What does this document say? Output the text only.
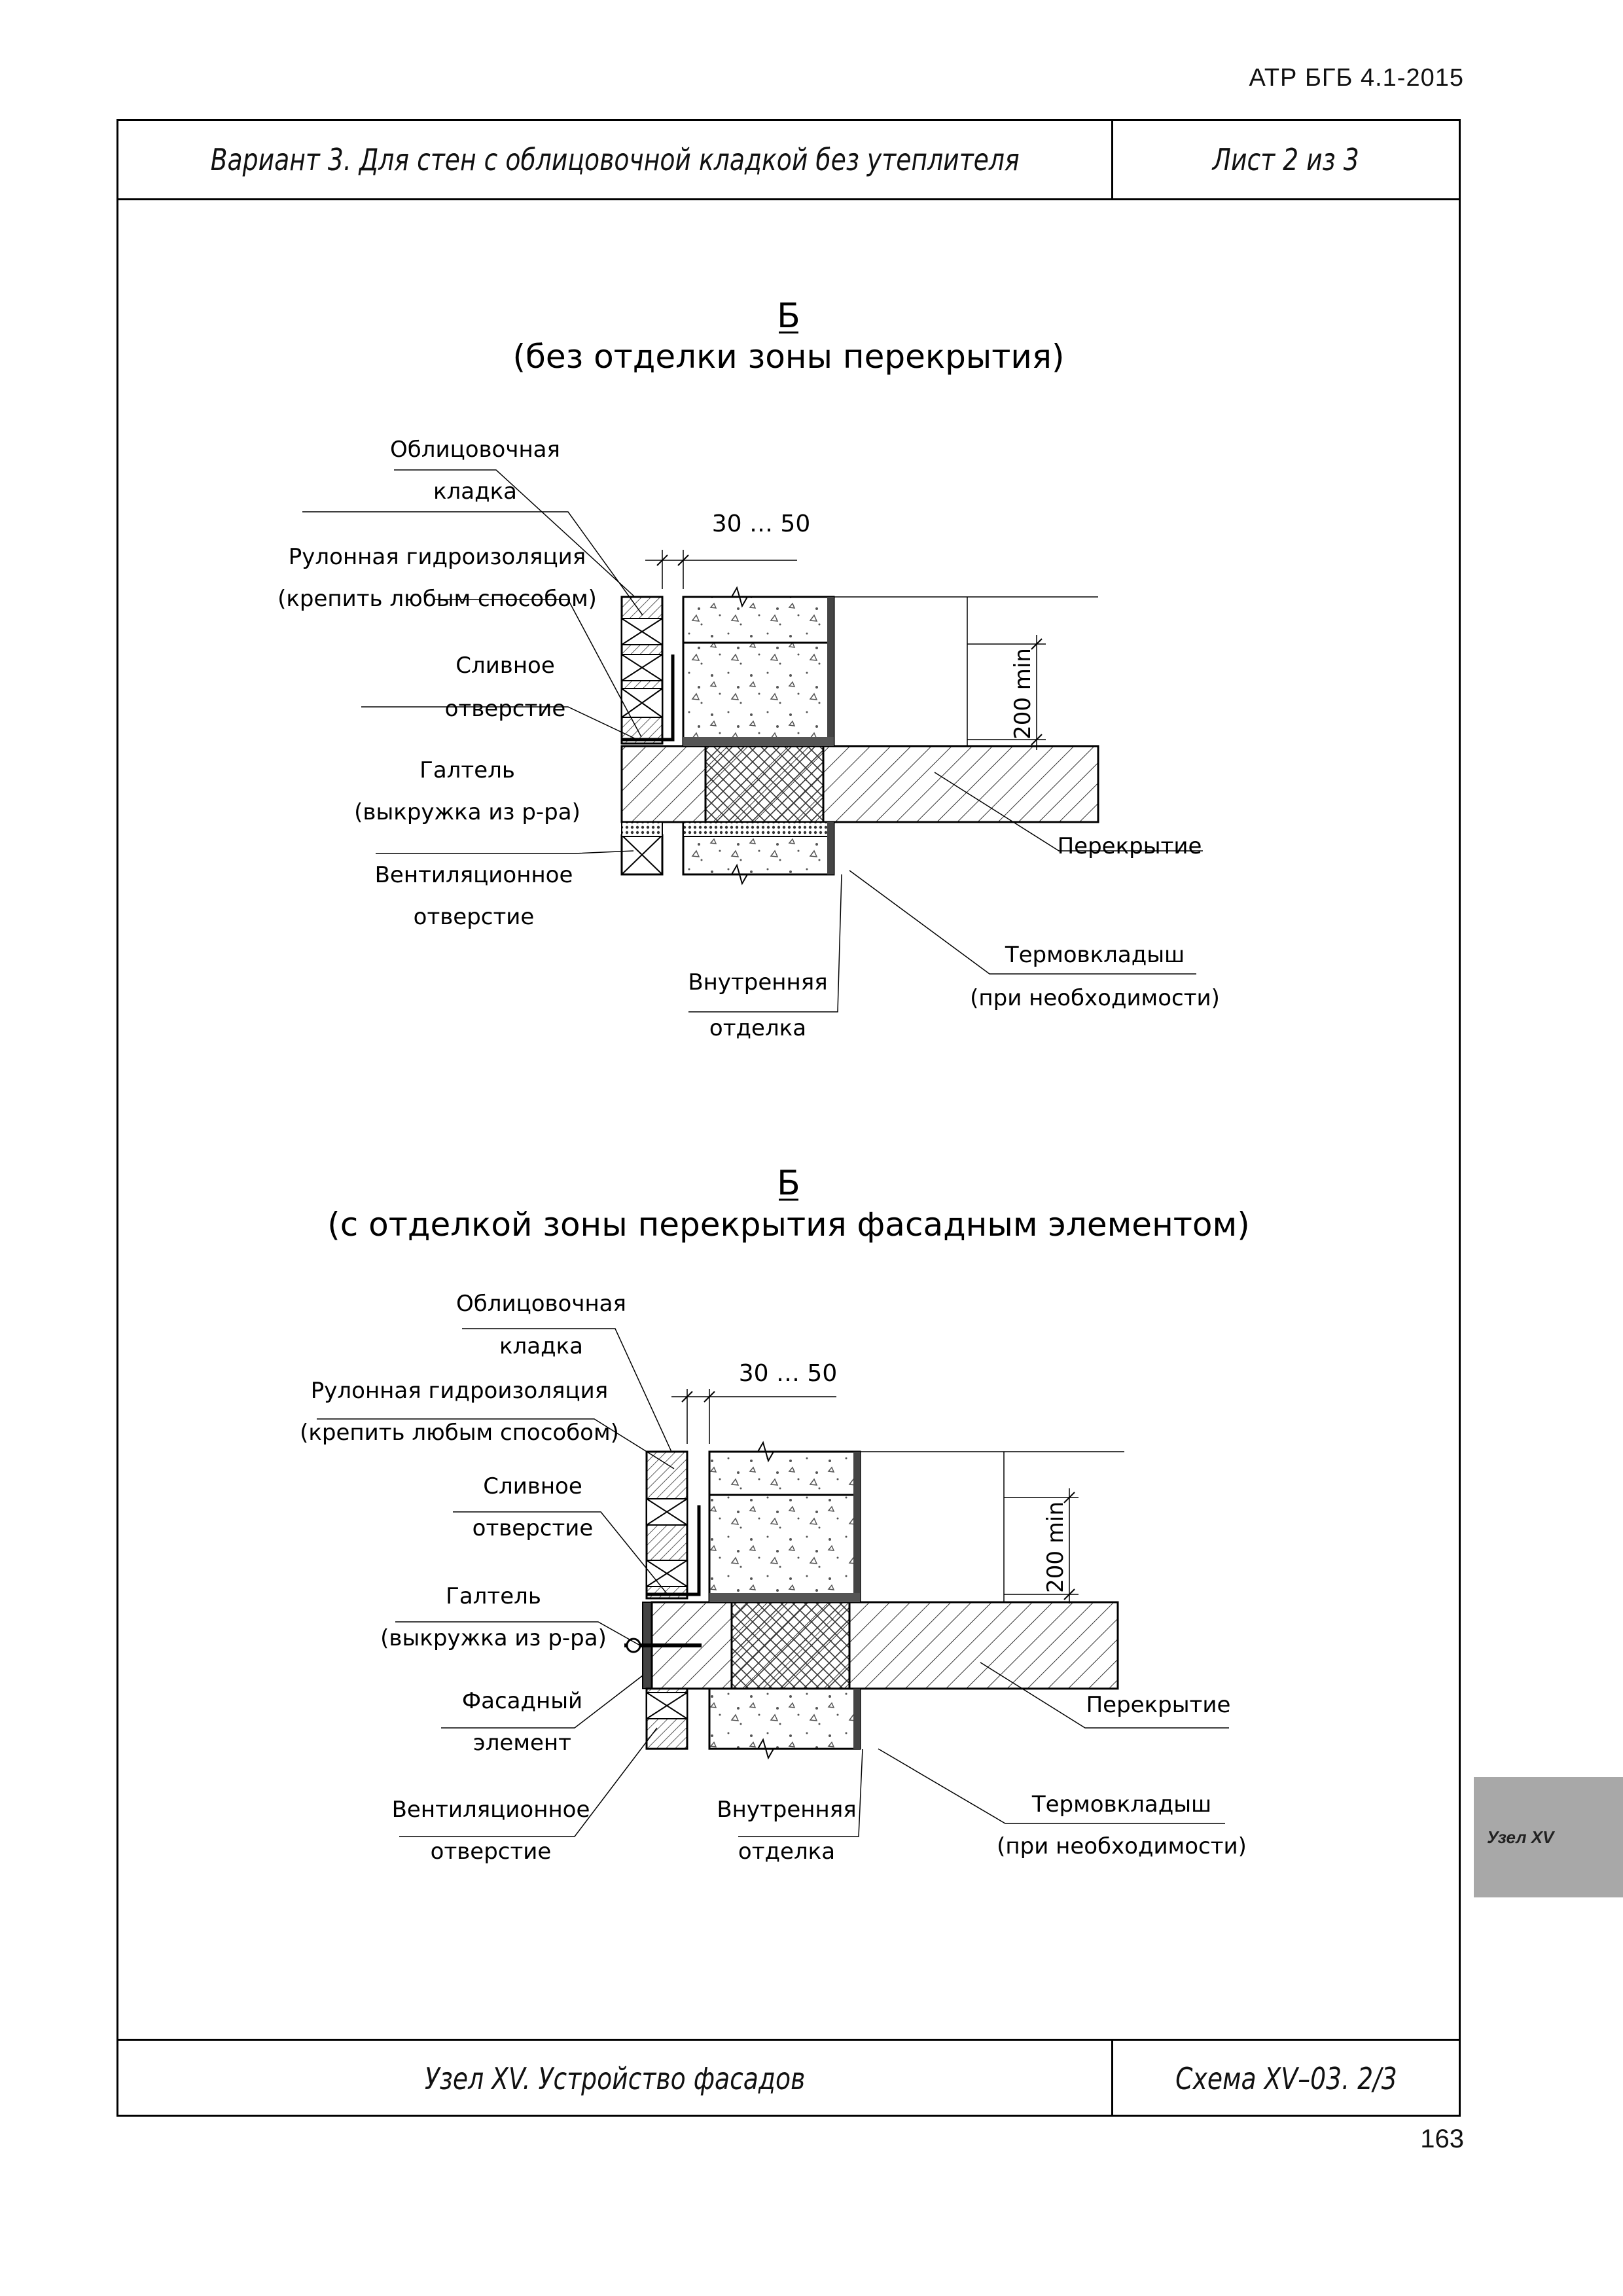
АТР БГБ 4.1-2015
Вариант 3. Для стен с облицовочной кладкой без утеплителя	Лист 2 из 3
Узел XV. Устройство фасадов	Схема XV–03. 2/3
Б
(без отделки зоны перекрытия)
30 … 50
200 min
Облицовочная
кладка
Рулонная гидроизоляция
(крепить любым способом)
Сливное
отверстие
Галтель
(выкружка из р-ра)
Вентиляционное
отверстие
Внутренняя
отделка
Перекрытие
Термовкладыш
(при необходимости)
Б
(с отделкой зоны перекрытия фасадным элементом)
30 … 50
200 min
Облицовочная
кладка
Рулонная гидроизоляция
(крепить любым способом)
Сливное
отверстие
Галтель
(выкружка из р-ра)
Фасадный
элемент
Вентиляционное
отверстие
Внутренняя
отделка
Перекрытие
Термовкладыш
(при необходимости)
163
Узел XV
